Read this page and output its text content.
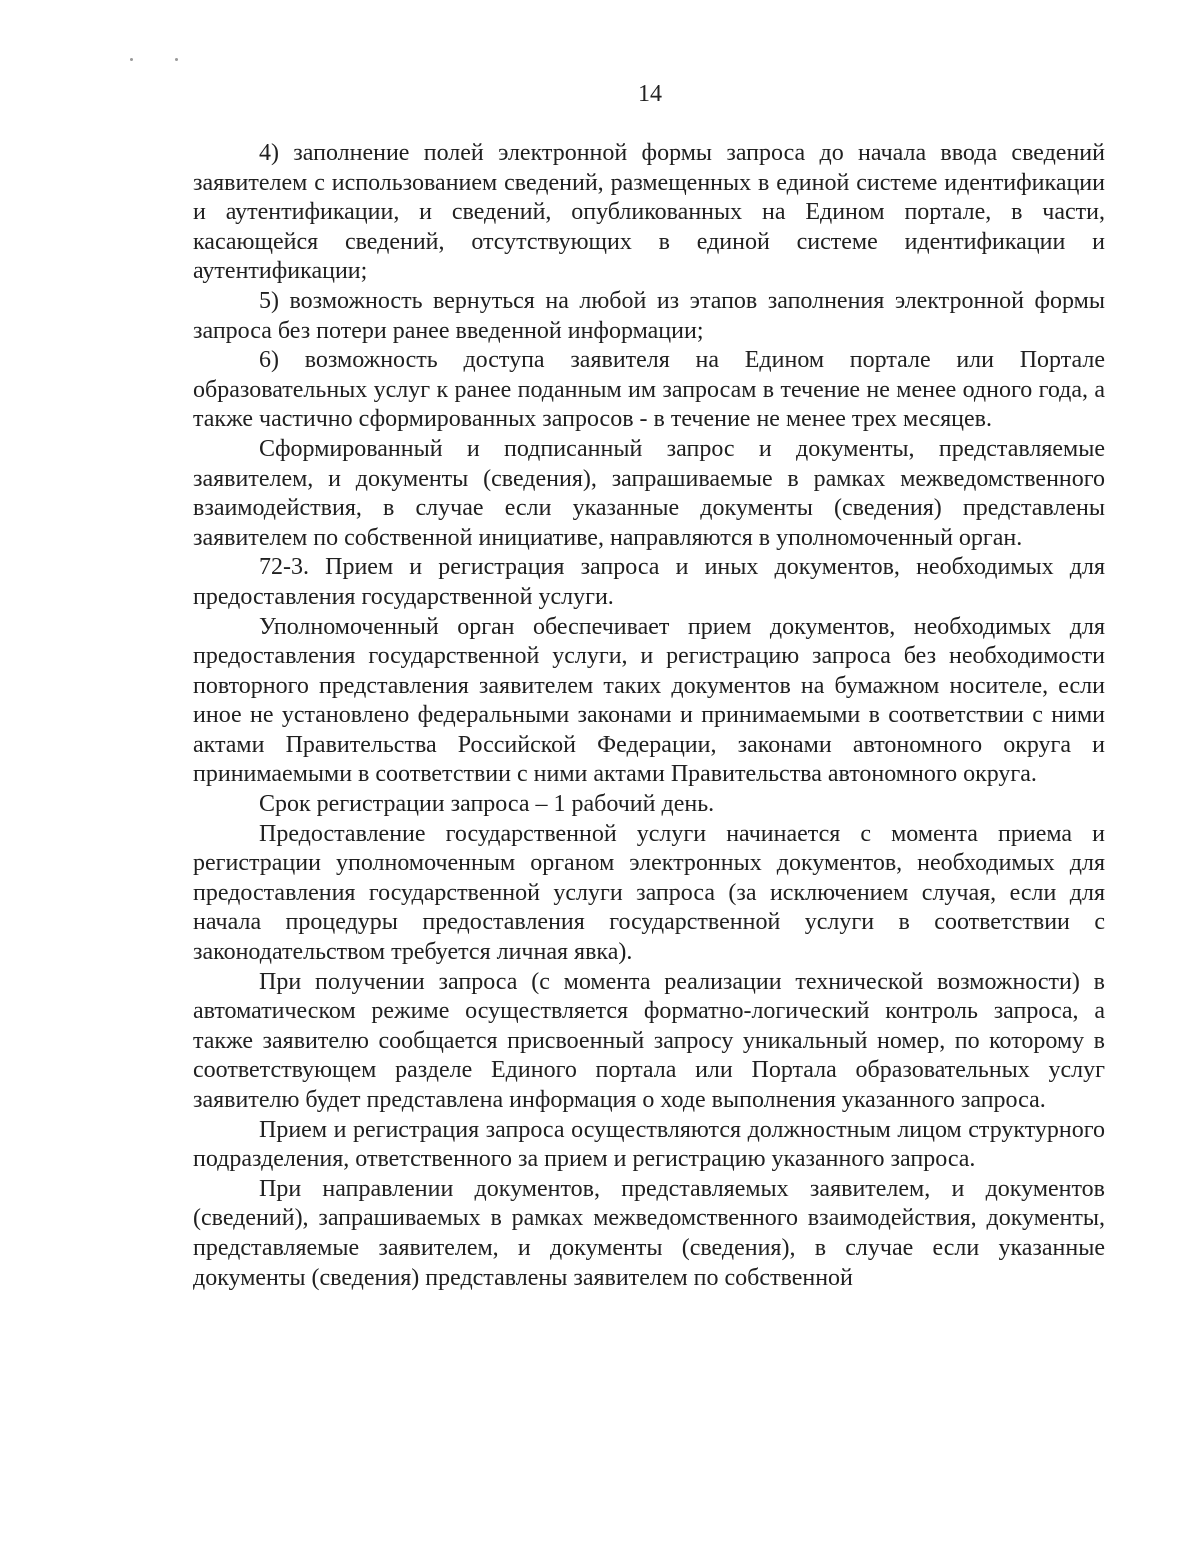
14

4) заполнение полей электронной формы запроса до начала ввода сведений заявителем с использованием сведений, размещенных в единой системе идентификации и аутентификации, и сведений, опубликованных на Едином портале, в части, касающейся сведений, отсутствующих в единой системе идентификации и аутентификации;

5) возможность вернуться на любой из этапов заполнения электронной формы запроса без потери ранее введенной информации;

6) возможность доступа заявителя на Едином портале или Портале образовательных услуг к ранее поданным им запросам в течение не менее одного года, а также частично сформированных запросов - в течение не менее трех месяцев.

Сформированный и подписанный запрос и документы, представляемые заявителем, и документы (сведения), запрашиваемые в рамках межведомственного взаимодействия, в случае если указанные документы (сведения) представлены заявителем по собственной инициативе, направляются в уполномоченный орган.

72-3. Прием и регистрация запроса и иных документов, необходимых для предоставления государственной услуги.

Уполномоченный орган обеспечивает прием документов, необходимых для предоставления государственной услуги, и регистрацию запроса без необходимости повторного представления заявителем таких документов на бумажном носителе, если иное не установлено федеральными законами и принимаемыми в соответствии с ними актами Правительства Российской Федерации, законами автономного округа и принимаемыми в соответствии с ними актами Правительства автономного округа.

Срок регистрации запроса – 1 рабочий день.

Предоставление государственной услуги начинается с момента приема и регистрации уполномоченным органом электронных документов, необходимых для предоставления государственной услуги запроса (за исключением случая, если для начала процедуры предоставления государственной услуги в соответствии с законодательством требуется личная явка).

При получении запроса (с момента реализации технической возможности) в автоматическом режиме осуществляется форматно-логический контроль запроса, а также заявителю сообщается присвоенный запросу уникальный номер, по которому в соответствующем разделе Единого портала или Портала образовательных услуг заявителю будет представлена информация о ходе выполнения указанного запроса.

Прием и регистрация запроса осуществляются должностным лицом структурного подразделения, ответственного за прием и регистрацию указанного запроса.

При направлении документов, представляемых заявителем, и документов (сведений), запрашиваемых в рамках межведомственного взаимодействия, документы, представляемые заявителем, и документы (сведения), в случае если указанные документы (сведения) представлены заявителем по собственной
